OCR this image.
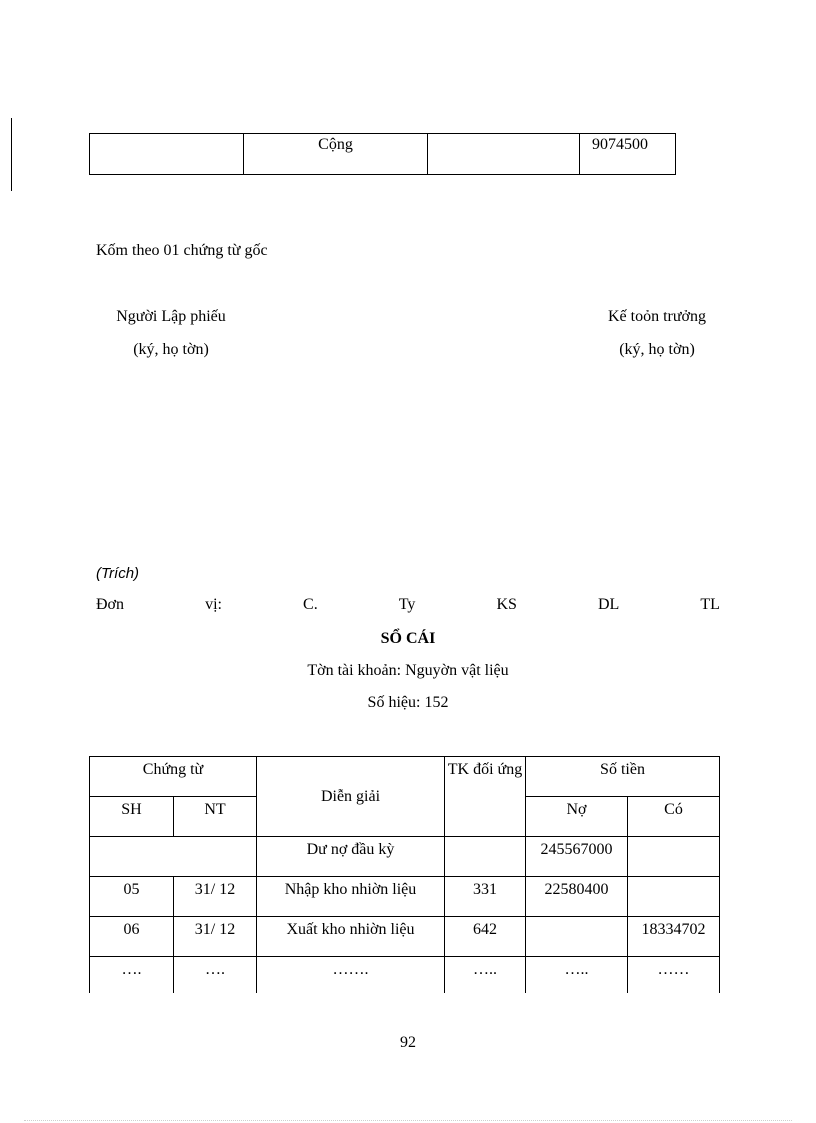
	Cộng		9074500
Kốm theo 01 chứng từ gốc
Người Lập phiếu
(ký, họ tờn)
Kế toỏn trưởng
(ký, họ tờn)
(Trích)
Đơn	vị:	C.	Ty	KS	DL	TL
SỔ CÁI
Tờn tài khoản: Nguyờn vật liệu
Số hiệu: 152
Chứng từ		Diễn giải	TK đối ứng	Số tiền	
SH	NT			Nợ	Có
		Dư nợ đầu kỳ		245567000	
05	31/ 12	Nhập kho nhiờn liệu	331	22580400	
06	31/ 12	Xuất kho nhiờn liệu	642		18334702
….	….	…….	…..	…..	……
92
